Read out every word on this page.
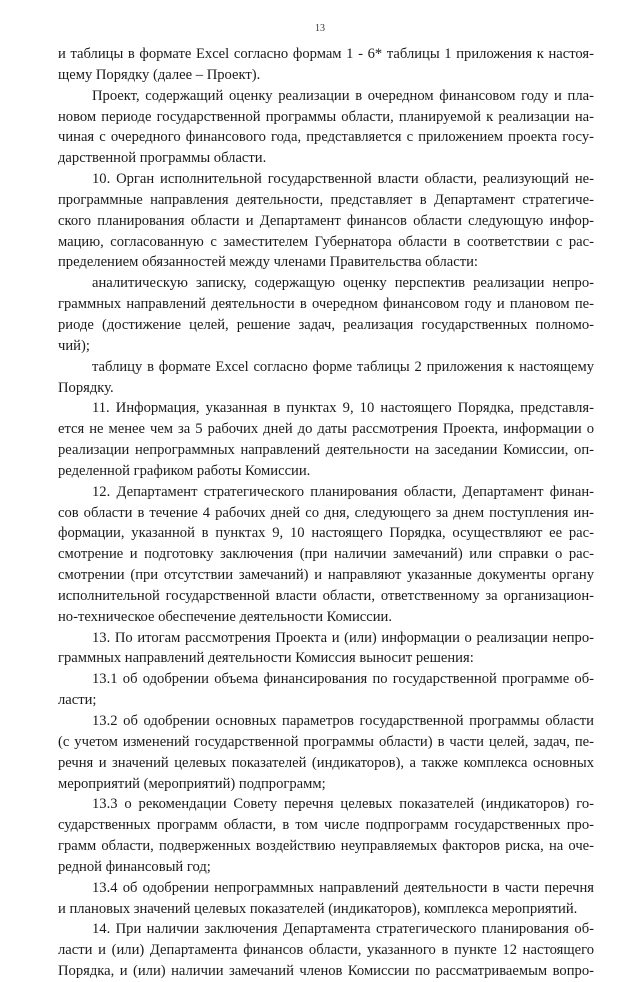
13
и таблицы в формате Excel согласно формам 1 - 6* таблицы 1 приложения к настоя-
щему Порядку (далее – Проект).
Проект, содержащий оценку реализации в очередном финансовом году и пла-
новом периоде государственной программы области, планируемой к реализации на-
чиная с очередного финансового года, представляется с приложением проекта госу-
дарственной программы области.
10. Орган исполнительной государственной власти области, реализующий не-
программные направления деятельности, представляет в Департамент стратегиче-
ского планирования области и Департамент финансов области следующую инфор-
мацию, согласованную с заместителем Губернатора области в соответствии с рас-
пределением обязанностей между членами Правительства области:
аналитическую записку, содержащую оценку перспектив реализации непро-
граммных направлений деятельности в очередном финансовом году и плановом пе-
риоде (достижение целей, решение задач, реализация государственных полномо-
чий);
таблицу в формате Excel согласно форме таблицы 2 приложения к настоящему
Порядку.
11. Информация, указанная в пунктах 9, 10 настоящего Порядка, представля-
ется не менее чем за 5 рабочих дней до даты рассмотрения Проекта, информации о
реализации непрограммных направлений деятельности на заседании Комиссии, оп-
ределенной графиком работы Комиссии.
12. Департамент стратегического планирования области, Департамент финан-
сов области в течение 4 рабочих дней со дня, следующего за днем поступления ин-
формации, указанной в пунктах 9, 10 настоящего Порядка, осуществляют ее рас-
смотрение и подготовку заключения (при наличии замечаний) или справки о рас-
смотрении (при отсутствии замечаний) и направляют указанные документы органу
исполнительной государственной власти области, ответственному за организацион-
но-техническое обеспечение деятельности Комиссии.
13. По итогам рассмотрения Проекта и (или) информации о реализации непро-
граммных направлений деятельности Комиссия выносит решения:
13.1 об одобрении объема финансирования по государственной программе об-
ласти;
13.2 об одобрении основных параметров государственной программы области
(с учетом изменений государственной программы области) в части целей, задач, пе-
речня и значений целевых показателей (индикаторов), а также комплекса основных
мероприятий (мероприятий) подпрограмм;
13.3 о рекомендации Совету перечня целевых показателей (индикаторов) го-
сударственных программ области, в том числе подпрограмм государственных про-
грамм области, подверженных воздействию неуправляемых факторов риска, на оче-
редной финансовый год;
13.4 об одобрении непрограммных направлений деятельности в части перечня
и плановых значений целевых показателей (индикаторов), комплекса мероприятий.
14. При наличии заключения Департамента стратегического планирования об-
ласти и (или) Департамента финансов области, указанного в пункте 12 настоящего
Порядка, и (или) наличии замечаний членов Комиссии по рассматриваемым вопро-
